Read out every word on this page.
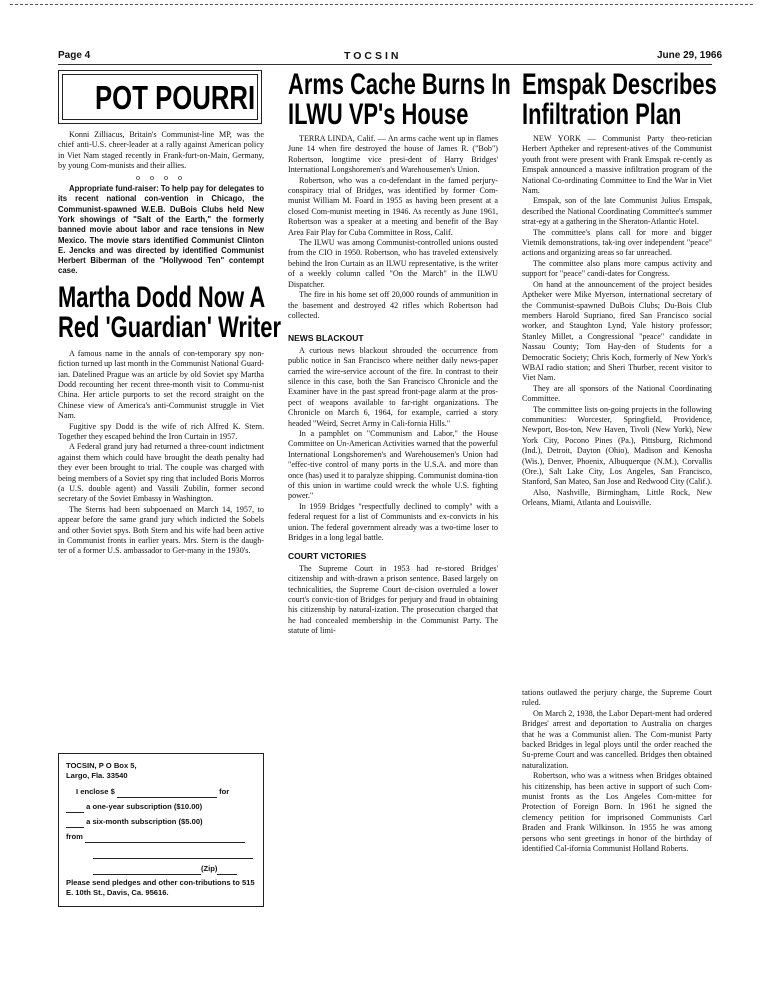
Page 4	TOCSIN	June 29, 1966
POT POURRI

Konni Zilliacus, Britain's Communist-line MP, was the chief anti-U.S. cheer-leader at a rally against American policy in Viet Nam staged recently in Frank-furt-on-Main, Germany, by young Com-munists and their allies.

o o o o

Appropriate fund-raiser: To help pay for delegates to its recent national con-vention in Chicago, the Communist-spawned W.E.B. DuBois Clubs held New York showings of "Salt of the Earth," the formerly banned movie about labor and race tensions in New Mexico. The movie stars identified Communist Clinton E. Jencks and was directed by identified Communist Herbert Biberman of the "Hollywood Ten" contempt case.

Martha Dodd Now A
Red 'Guardian' Writer

A famous name in the annals of con-temporary spy non-fiction turned up last month in the Communist National Guard-ian. Datelined Prague was an article by old Soviet spy Martha Dodd recounting her recent three-month visit to Commu-nist China. Her article purports to set the record straight on the Chinese view of America's anti-Communist struggle in Viet Nam.

Fugitive spy Dodd is the wife of rich Alfred K. Stern. Together they escaped behind the Iron Curtain in 1957.

A Federal grand jury had returned a three-count indictment against them which could have brought the death penalty had they ever been brought to trial. The couple was charged with being members of a Soviet spy ring that included Boris Morros (a U.S. double agent) and Vassili Zubilin, former second secretary of the Soviet Embassy in Washington.

The Sterns had been subpoenaed on March 14, 1957, to appear before the same grand jury which indicted the Sobels and other Soviet spys. Both Stern and his wife had been active in Communist fronts in earlier years. Mrs. Stern is the daugh-ter of a former U.S. ambassador to Ger-many in the 1930's.

TOCSIN, P O Box 5,
Largo, Fla. 33540
I enclose $	for
a one-year subscription ($10.00)
a six-month subscription ($5.00)
from
(Zip)
Please send pledges and other con-tributions to 515 E. 10th St., Davis, Ca. 95616.
Arms Cache Burns In
ILWU VP's House

TERRA LINDA, Calif. — An arms cache went up in flames June 14 when fire destroyed the house of James R. ("Bob") Robertson, longtime vice presi-dent of Harry Bridges' International Longshoremen's and Warehousemen's Union.

Robertson, who was a co-defendant in the famed perjury-conspiracy trial of Bridges, was identified by former Com-munist William M. Foard in 1955 as having been present at a closed Com-munist meeting in 1946. As recently as June 1961, Robertson was a speaker at a meeting and benefit of the Bay Area Fair Play for Cuba Committee in Ross, Calif.

The ILWU was among Communist-controlled unions ousted from the CIO in 1950. Robertson, who has traveled extensively behind the Iron Curtain as an ILWU representative, is the writer of a weekly column called "On the March" in the ILWU Dispatcher.

The fire in his home set off 20,000 rounds of ammunition in the basement and destroyed 42 rifles which Robertson had collected.

NEWS BLACKOUT

A curious news blackout shrouded the occurrence from public notice in San Francisco where neither daily news-paper carried the wire-service account of the fire. In contrast to their silence in this case, both the San Francisco Chronicle and the Examiner have in the past spread front-page alarm at the pros-pect of weapons available to far-right organizations. The Chronicle on March 6, 1964, for example, carried a story headed "Weird, Secret Army in Cali-fornia Hills."

In a pamphlet on "Communism and Labor," the House Committee on Un-American Activities warned that the powerful International Longshoremen's and Warehousemen's Union had "effec-tive control of many ports in the U.S.A. and more than once (has) used it to paralyze shipping. Communist domina-tion of this union in wartime could wreck the whole U.S. fighting power."

In 1959 Bridges "respectfully declined to comply" with a federal request for a list of Communists and ex-convicts in his union. The federal government already was a two-time loser to Bridges in a long legal battle.

COURT VICTORIES

The Supreme Court in 1953 had re-stored Bridges' citizenship and with-drawn a prison sentence. Based largely on technicalities, the Supreme Court de-cision overruled a lower court's convic-tion of Bridges for perjury and fraud in obtaining his citizenship by natural-ization. The prosecution charged that he had concealed membership in the Communist Party. The statute of limi-

Emspak Describes
Infiltration Plan

NEW YORK — Communist Party theo-retician Herbert Aptheker and represent-atives of the Communist youth front were present with Frank Emspak re-cently as Emspak announced a massive infiltration program of the National Co-ordinating Committee to End the War in Viet Nam.

Emspak, son of the late Communist Julius Emspak, described the National Coordinating Committee's summer strat-egy at a gathering in the Sheraton-Atlantic Hotel.

The committee's plans call for more and bigger Vietnik demonstrations, tak-ing over independent "peace" actions and organizing areas so far unreached.

The committee also plans more campus activity and support for "peace" candi-dates for Congress.

On hand at the announcement of the project besides Aptheker were Mike Myerson, international secretary of the Communist-spawned DuBois Clubs; Du-Bois Club members Harold Supriano, fired San Francisco social worker, and Staughton Lynd, Yale history professor; Stanley Millet, a Congressional "peace" candidate in Nassau County; Tom Hay-den of Students for a Democratic Society; Chris Koch, formerly of New York's WBAI radio station; and Sheri Thurber, recent visitor to Viet Nam.

They are all sponsors of the National Coordinating Committee.

The committee lists on-going projects in the following communities: Worcester, Springfield, Providence, Newport, Bos-ton, New Haven, Tivoli (New York), New York City, Pocono Pines (Pa.), Pittsburg, Richmond (Ind.), Detroit, Dayton (Ohio), Madison and Kenosha (Wis.), Denver, Phoenix, Albuquerque (N.M.), Corvallis (Ore.), Salt Lake City, Los Angeles, San Francisco, Stanford, San Mateo, San Jose and Redwood City (Calif.).

Also, Nashville, Birmingham, Little Rock, New Orleans, Miami, Atlanta and Louisville.

tations outlawed the perjury charge, the Supreme Court ruled.

On March 2, 1938, the Labor Depart-ment had ordered Bridges' arrest and deportation to Australia on charges that he was a Communist alien. The Com-munist Party backed Bridges in legal ploys until the order reached the Su-preme Court and was cancelled. Bridges then obtained naturalization.

Robertson, who was a witness when Bridges obtained his citizenship, has been active in support of such Com-munist fronts as the Los Angeles Com-mittee for Protection of Foreign Born. In 1961 he signed the clemency petition for imprisoned Communists Carl Braden and Frank Wilkinson. In 1955 he was among persons who sent greetings in honor of the birthday of identified Cal-ifornia Communist Holland Roberts.
